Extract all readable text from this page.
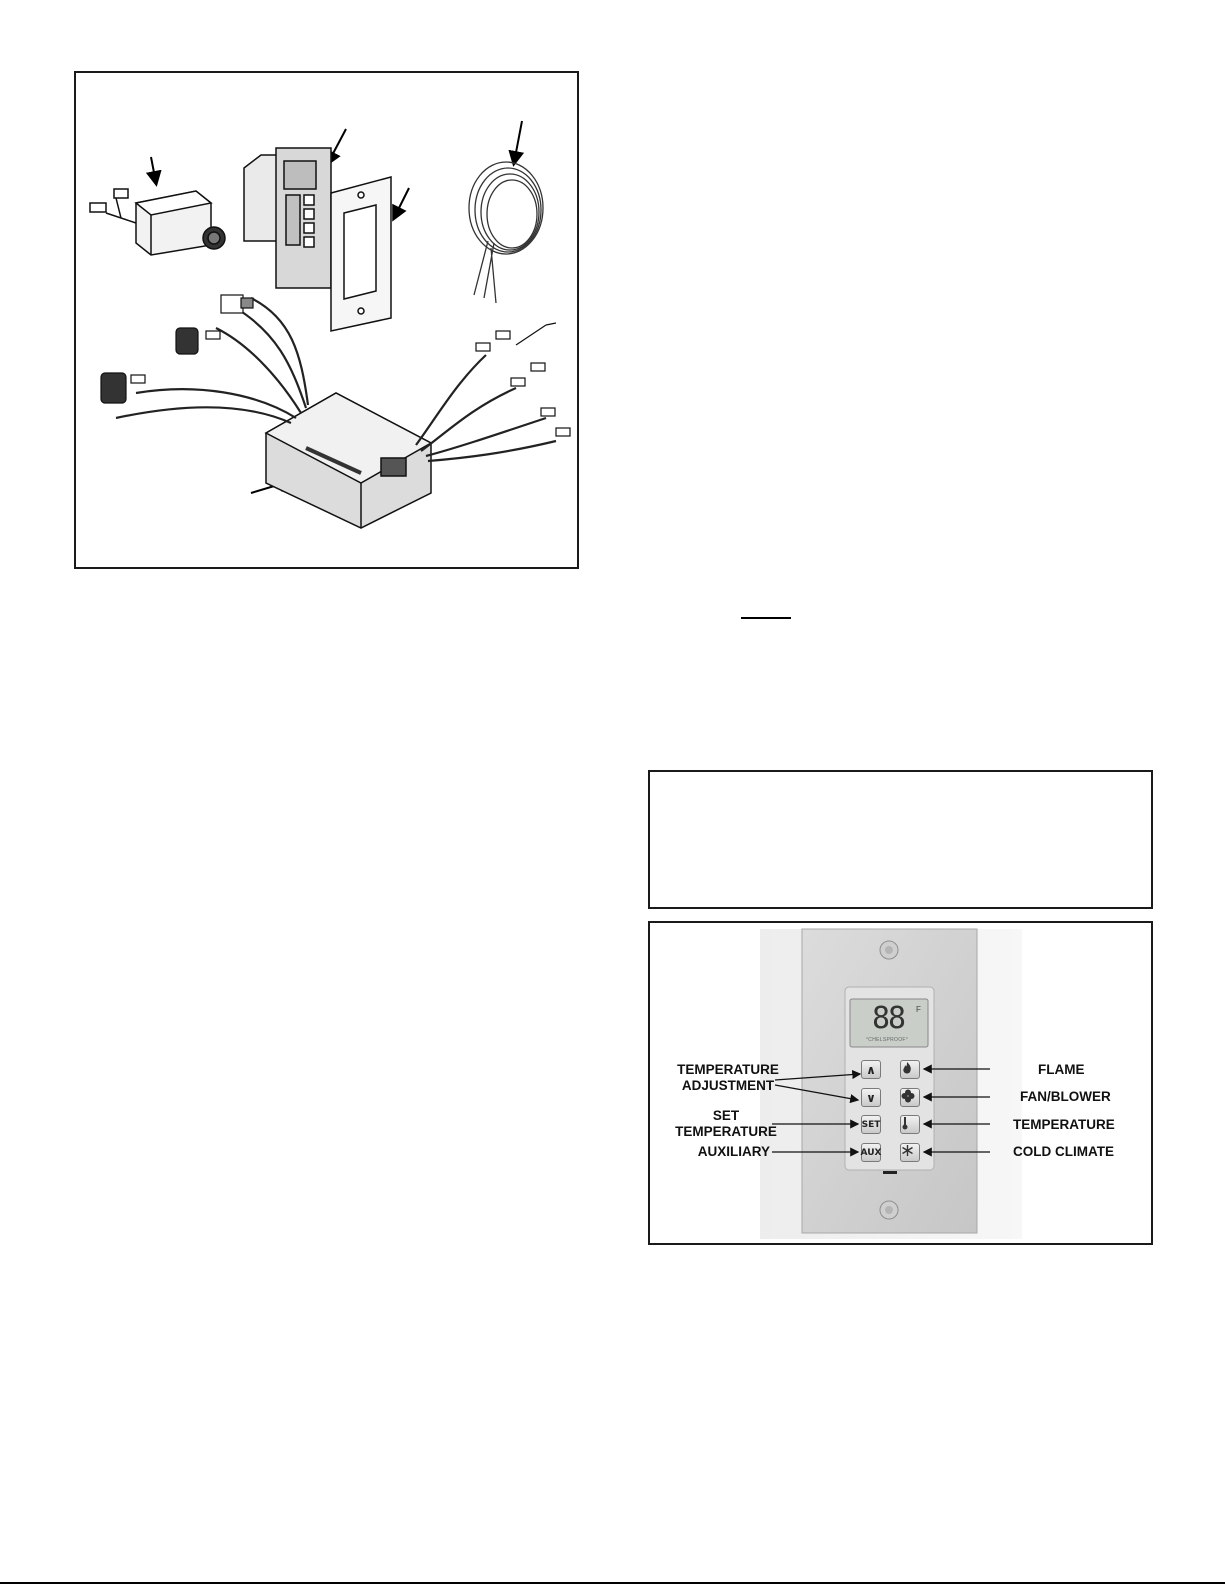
88 F
°CHELSPROOF°
∧
∨
SET
AUX
TEMPERATURE
ADJUSTMENT
SET
TEMPERATURE
AUXILIARY
FLAME
FAN/BLOWER
TEMPERATURE
COLD CLIMATE
